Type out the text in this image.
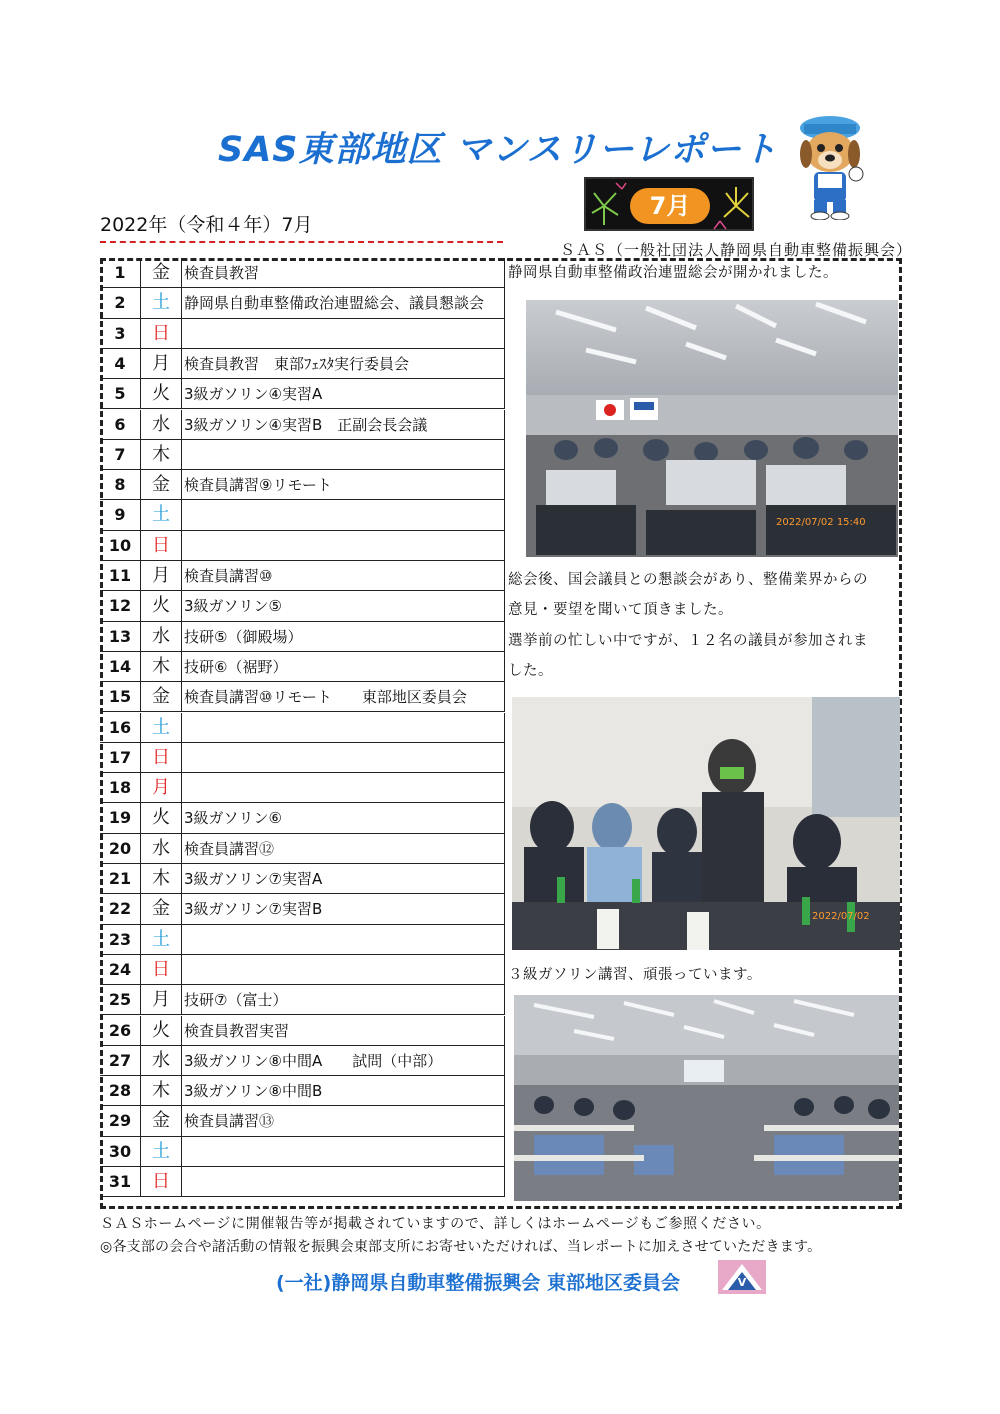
SAS東部地区 マンスリーレポート
7月
2022年（令和４年）7月
ＳＡＳ（一般社団法人静岡県自動車整備振興会）
1	金 検査員教習
2	土 静岡県自動車整備政治連盟総会、議員懇談会
3	日
4	月 検査員教習　東部ﾌｪｽﾀ実行委員会
5	火 3級ガソリン④実習A
6	水 3級ガソリン④実習B　正副会長会議
7	木
8	金 検査員講習⑨リモート
9	土
10	日
11	月 検査員講習⑩
12	火 3級ガソリン⑤
13	水 技研⑤（御殿場）
14	木 技研⑥（裾野）
15	金 検査員講習⑩リモート　　東部地区委員会
16	土
17	日
18	月
19	火 3級ガソリン⑥
20	水 検査員講習⑫
21	木 3級ガソリン⑦実習A
22	金 3級ガソリン⑦実習B
23	土
24	日
25	月 技研⑦（富士）
26	火 検査員教習実習
27	水 3級ガソリン⑧中間A　　試問（中部）
28	木 3級ガソリン⑧中間B
29	金 検査員講習⑬
30	土
31	日
静岡県自動車整備政治連盟総会が開かれました。
2022/07/02 15:40
総会後、国会議員との懇談会があり、整備業界からの
意見・要望を聞いて頂きました。
選挙前の忙しい中ですが、１２名の議員が参加されま
した。
2022/07/02
３級ガソリン講習、頑張っています。
ＳＡＳホームページに開催報告等が掲載されていますので、詳しくはホームページもご参照ください。
◎各支部の会合や諸活動の情報を振興会東部支所にお寄せいただければ、当レポートに加えさせていただきます。
(一社)静岡県自動車整備振興会 東部地区委員会	V
